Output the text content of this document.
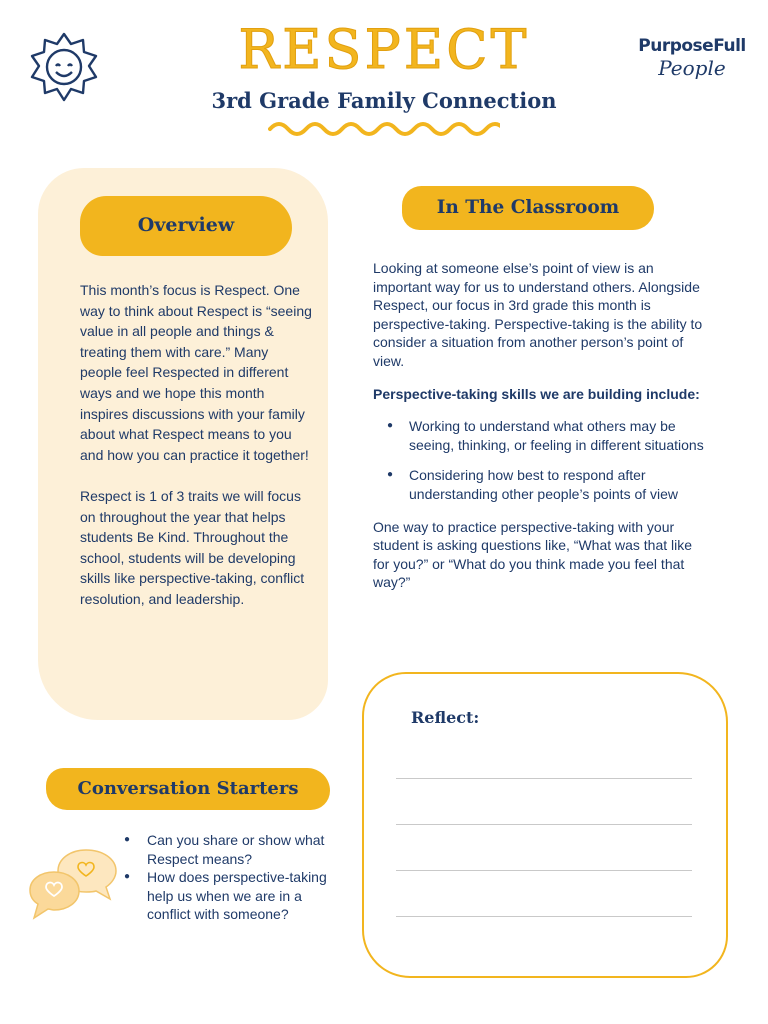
RESPECT
3rd Grade Family Connection
PurposeFull
People
Overview

This month’s focus is Respect. One way to think about Respect is “seeing value in all people and things & treating them with care.” Many people feel Respected in different ways and we hope this month inspires discussions with your family about what Respect means to you and how you can practice it together!

Respect is 1 of 3 traits we will focus on throughout the year that helps students Be Kind. Throughout the school, students will be developing skills like perspective-taking, conflict resolution, and leadership.

In The Classroom

Looking at someone else’s point of view is an important way for us to understand others. Alongside Respect, our focus in 3rd grade this month is perspective-taking. Perspective-taking is the ability to consider a situation from another person’s point of view.

Perspective-taking skills we are building include:

● Working to understand what others may be seeing, thinking, or feeling in different situations
● Considering how best to respond after understanding other people’s points of view

One way to practice perspective-taking with your student is asking questions like, “What was that like for you?” or “What do you think made you feel that way?”

Reflect:
Conversation Starters
● Can you share or show what Respect means?
● How does perspective-taking help us when we are in a conflict with someone?
